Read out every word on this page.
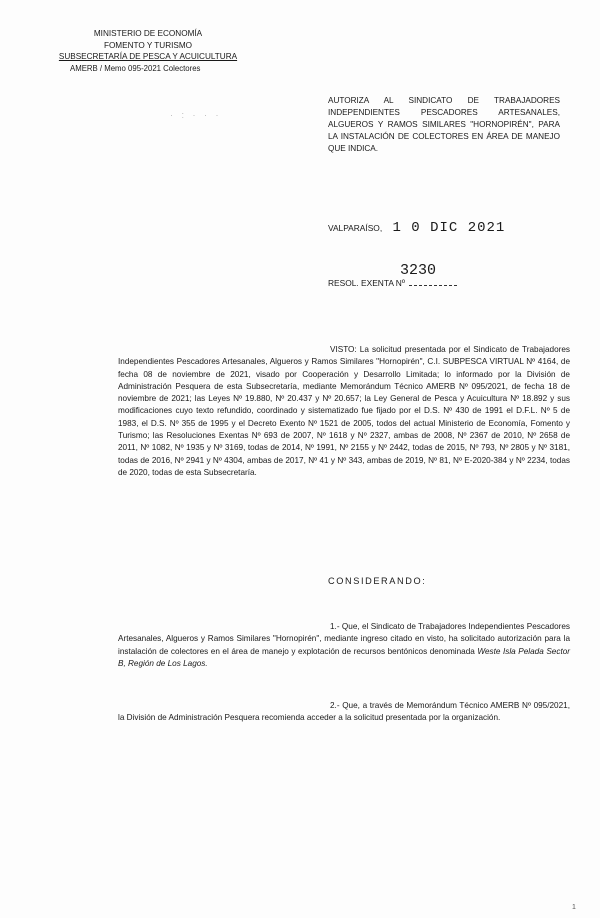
MINISTERIO DE ECONOMÍA
FOMENTO Y TURISMO
SUBSECRETARÍA DE PESCA Y ACUICULTURA
AMERB / Memo 095-2021 Colectores
· : · · ·
AUTORIZA AL SINDICATO DE TRABAJADORES INDEPENDIENTES PESCADORES ARTESANALES, ALGUEROS Y RAMOS SIMILARES "HORNOPIRÉN", PARA LA INSTALACIÓN DE COLECTORES EN ÁREA DE MANEJO QUE INDICA.
VALPARAÍSO, 1 0 DIC 2021
RESOL. EXENTA Nº
3230
VISTO: La solicitud presentada por el Sindicato de Trabajadores Independientes Pescadores Artesanales, Algueros y Ramos Similares "Hornopirén", C.I. SUBPESCA VIRTUAL Nº 4164, de fecha 08 de noviembre de 2021, visado por Cooperación y Desarrollo Limitada; lo informado por la División de Administración Pesquera de esta Subsecretaría, mediante Memorándum Técnico AMERB Nº 095/2021, de fecha 18 de noviembre de 2021; las Leyes Nº 19.880, Nº 20.437 y Nº 20.657; la Ley General de Pesca y Acuicultura Nº 18.892 y sus modificaciones cuyo texto refundido, coordinado y sistematizado fue fijado por el D.S. Nº 430 de 1991 el D.F.L. Nº 5 de 1983, el D.S. Nº 355 de 1995 y el Decreto Exento Nº 1521 de 2005, todos del actual Ministerio de Economía, Fomento y Turismo; las Resoluciones Exentas Nº 693 de 2007, Nº 1618 y Nº 2327, ambas de 2008, Nº 2367 de 2010, Nº 2658 de 2011, Nº 1082, Nº 1935 y Nº 3169, todas de 2014, Nº 1991, Nº 2155 y Nº 2442, todas de 2015, Nº 793, Nº 2805 y Nº 3181, todas de 2016, Nº 2941 y Nº 4304, ambas de 2017, Nº 41 y Nº 343, ambas de 2019, Nº 81, Nº E-2020-384 y Nº 2234, todas de 2020, todas de esta Subsecretaría.
CONSIDERANDO:
1.- Que, el Sindicato de Trabajadores Independientes Pescadores Artesanales, Algueros y Ramos Similares "Hornopirén", mediante ingreso citado en visto, ha solicitado autorización para la instalación de colectores en el área de manejo y explotación de recursos bentónicos denominada Weste Isla Pelada Sector B, Región de Los Lagos.
2.- Que, a través de Memorándum Técnico AMERB Nº 095/2021, la División de Administración Pesquera recomienda acceder a la solicitud presentada por la organización.
1
